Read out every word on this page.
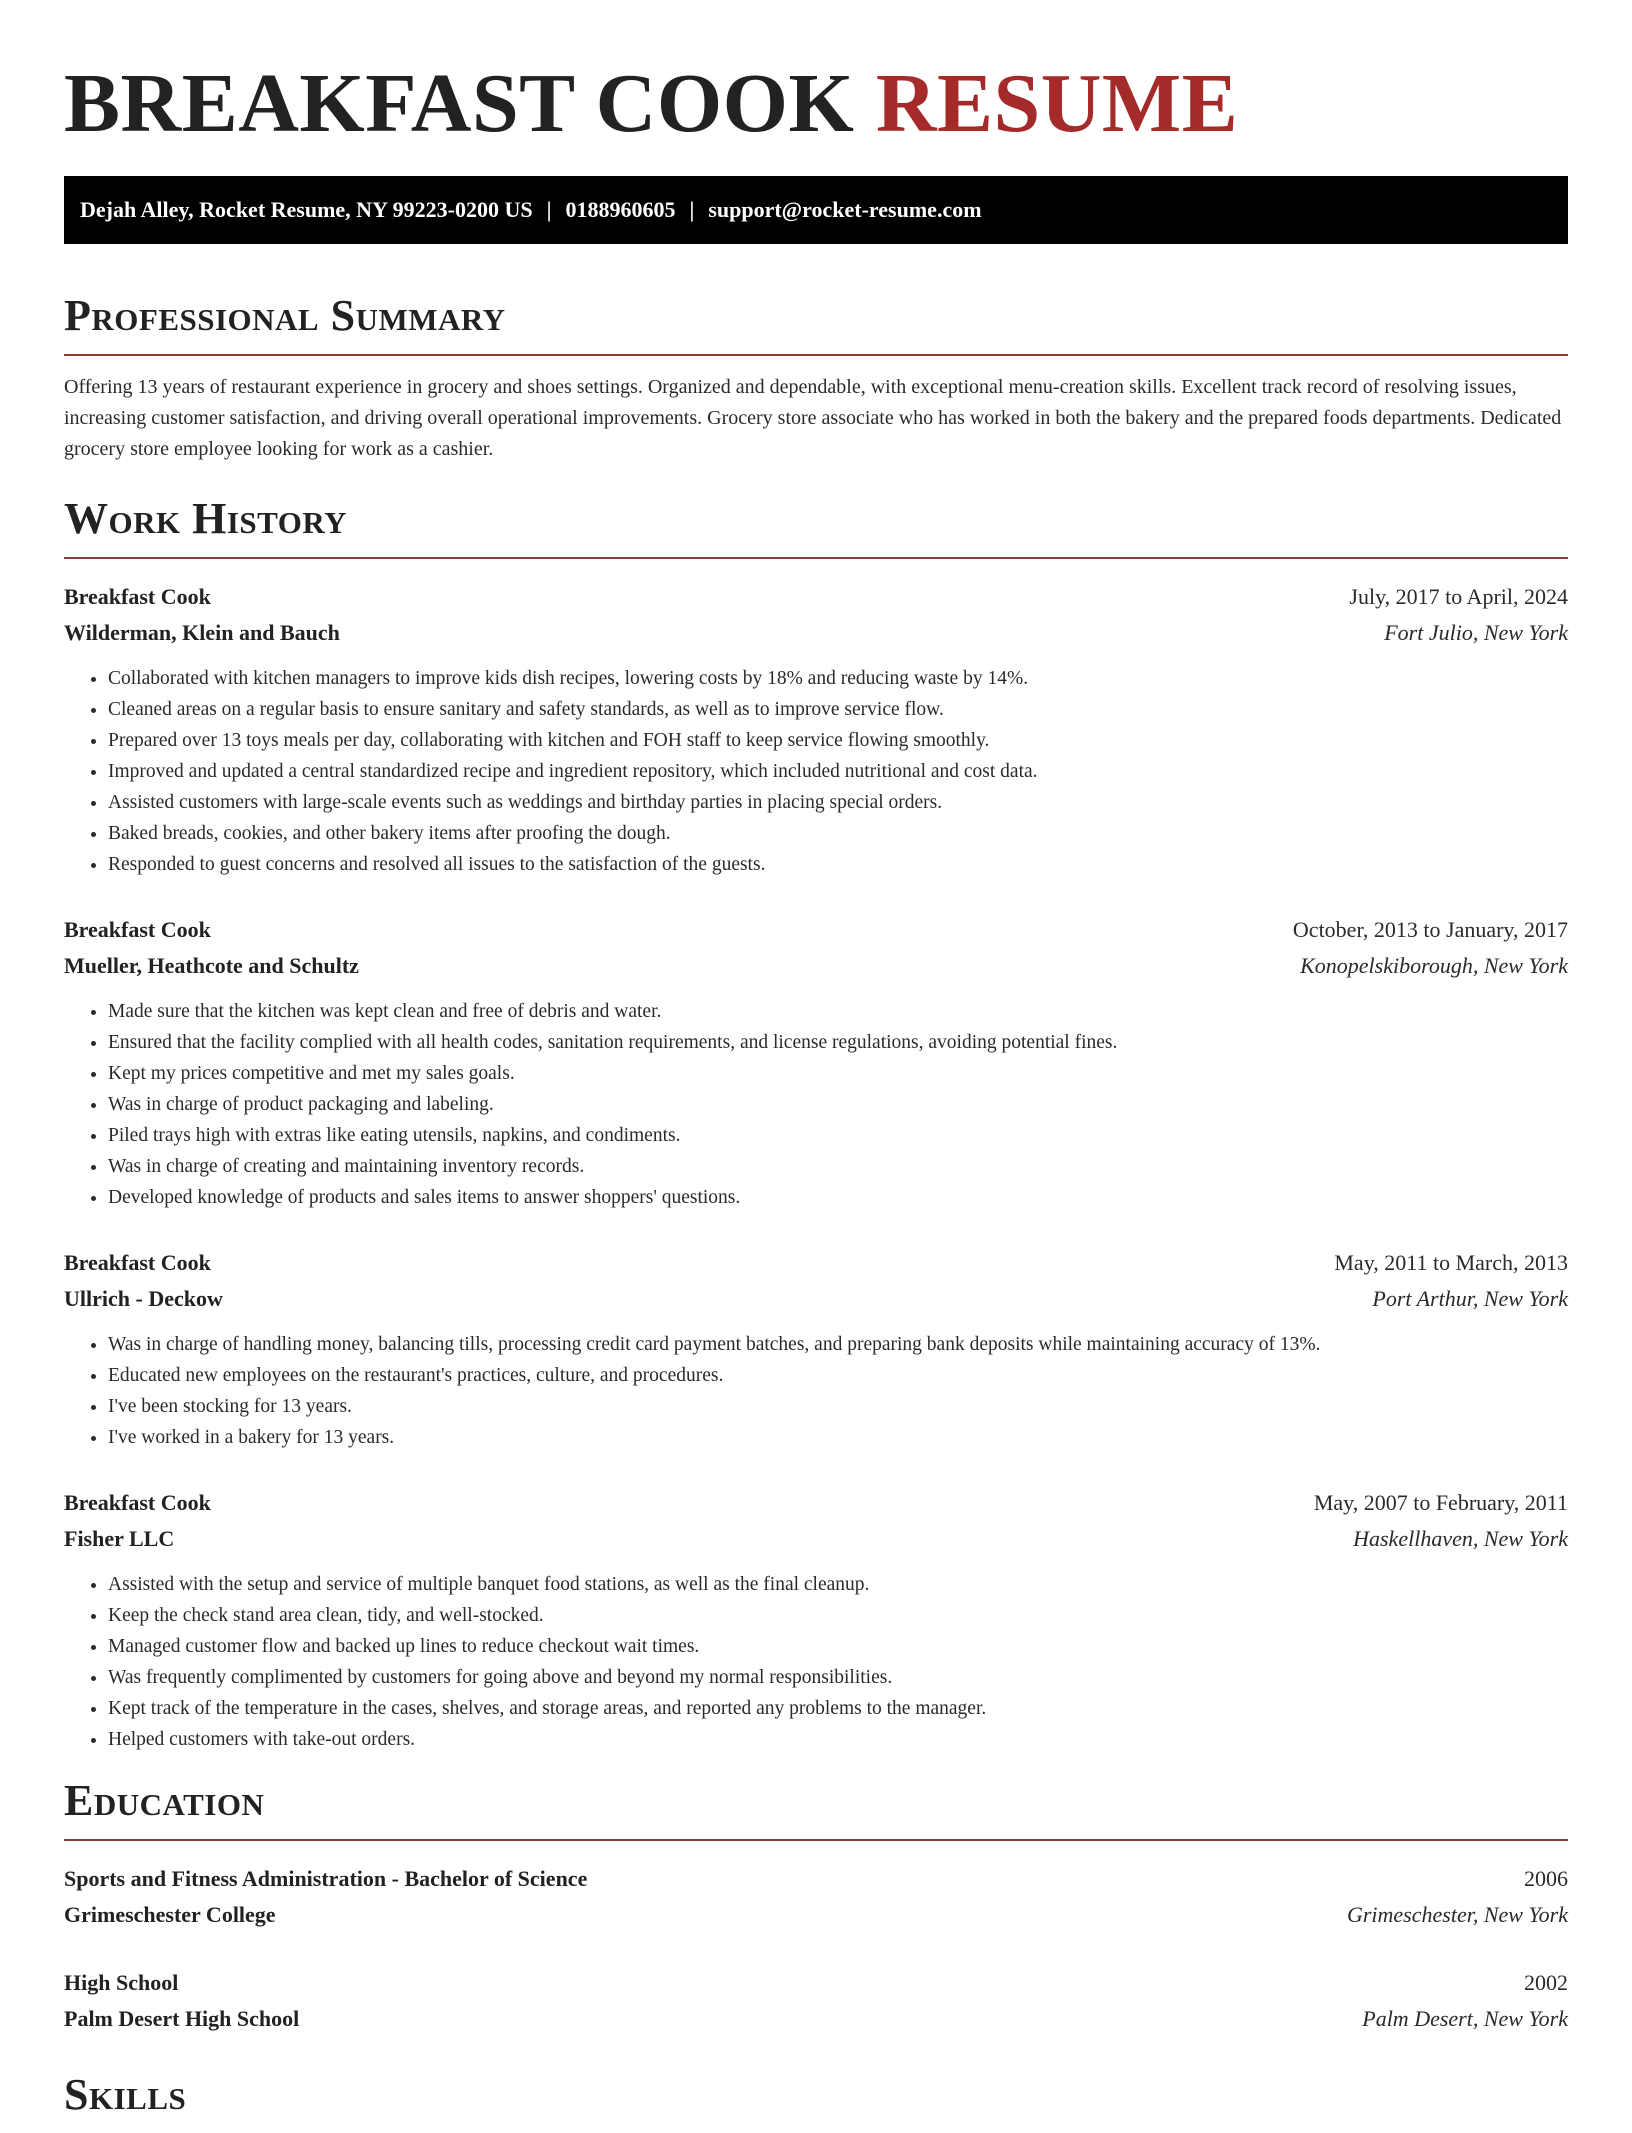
BREAKFAST COOK RESUME
Dejah Alley, Rocket Resume, NY 99223-0200 US | 0188960605 | support@rocket-resume.com
Professional Summary

Offering 13 years of restaurant experience in grocery and shoes settings. Organized and dependable, with exceptional menu-creation skills. Excellent track record of resolving issues, increasing customer satisfaction, and driving overall operational improvements. Grocery store associate who has worked in both the bakery and the prepared foods departments. Dedicated grocery store employee looking for work as a cashier.

Work History
Breakfast Cook	July, 2017 to April, 2024
Wilderman, Klein and Bauch	Fort Julio, New York
• Collaborated with kitchen managers to improve kids dish recipes, lowering costs by 18% and reducing waste by 14%.
• Cleaned areas on a regular basis to ensure sanitary and safety standards, as well as to improve service flow.
• Prepared over 13 toys meals per day, collaborating with kitchen and FOH staff to keep service flowing smoothly.
• Improved and updated a central standardized recipe and ingredient repository, which included nutritional and cost data.
• Assisted customers with large-scale events such as weddings and birthday parties in placing special orders.
• Baked breads, cookies, and other bakery items after proofing the dough.
• Responded to guest concerns and resolved all issues to the satisfaction of the guests.
Breakfast Cook	October, 2013 to January, 2017
Mueller, Heathcote and Schultz	Konopelskiborough, New York
• Made sure that the kitchen was kept clean and free of debris and water.
• Ensured that the facility complied with all health codes, sanitation requirements, and license regulations, avoiding potential fines.
• Kept my prices competitive and met my sales goals.
• Was in charge of product packaging and labeling.
• Piled trays high with extras like eating utensils, napkins, and condiments.
• Was in charge of creating and maintaining inventory records.
• Developed knowledge of products and sales items to answer shoppers' questions.
Breakfast Cook	May, 2011 to March, 2013
Ullrich - Deckow	Port Arthur, New York
• Was in charge of handling money, balancing tills, processing credit card payment batches, and preparing bank deposits while maintaining accuracy of 13%.
• Educated new employees on the restaurant's practices, culture, and procedures.
• I've been stocking for 13 years.
• I've worked in a bakery for 13 years.
Breakfast Cook	May, 2007 to February, 2011
Fisher LLC	Haskellhaven, New York
• Assisted with the setup and service of multiple banquet food stations, as well as the final cleanup.
• Keep the check stand area clean, tidy, and well-stocked.
• Managed customer flow and backed up lines to reduce checkout wait times.
• Was frequently complimented by customers for going above and beyond my normal responsibilities.
• Kept track of the temperature in the cases, shelves, and storage areas, and reported any problems to the manager.
• Helped customers with take-out orders.
Education
Sports and Fitness Administration - Bachelor of Science	2006
Grimeschester College	Grimeschester, New York
High School	2002
Palm Desert High School	Palm Desert, New York
Skills
